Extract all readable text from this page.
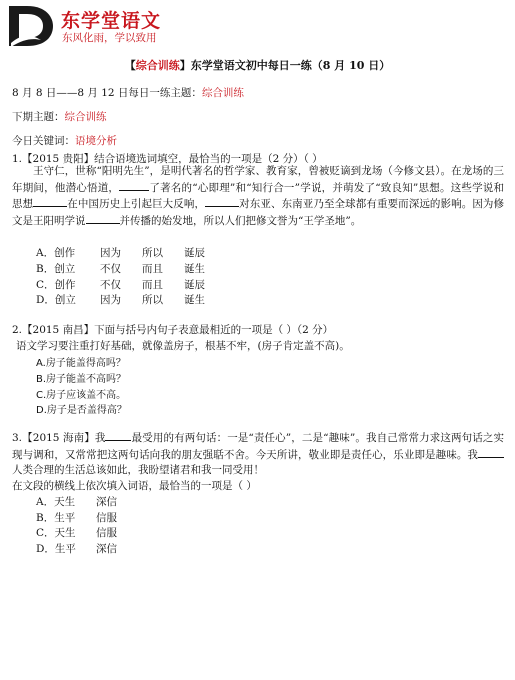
东学堂语文
东风化雨，学以致用
【综合训练】东学堂语文初中每日一练（8 月 10 日）
8 月 8 日——8 月 12 日每日一练主题：综合训练
下期主题：综合训练
今日关键词：语境分析
1.【2015 贵阳】结合语境选词填空，最恰当的一项是（2 分）（ ）
王守仁，世称“阳明先生”，是明代著名的哲学家、教育家，曾被贬谪到龙场（今修文县）。在龙场的三年期间，他潜心悟道，	了著名的“心即理”和“知行合一”学说，并萌发了“致良知”思想。这些学说和思想	在中国历史上引起巨大反响，	对东亚、东南亚乃至全球都有重要而深远的影响。因为修文是王阳明学说	并传播的始发地，所以人们把修文誉为“王学圣地”。
A．创作 因为 所以 诞辰
B．创立 不仅 而且 诞生
C．创作 不仅 而且 诞辰
D．创立 因为 所以 诞生
2.【2015 南昌】下面与括号内句子表意最相近的一项是（ ）（2 分）
语文学习要注重打好基础，就像盖房子，根基不牢，(房子肯定盖不高)。
A.房子能盖得高吗？
B.房子能盖不高吗？
C.房子应该盖不高。
D.房子是否盖得高？
3.【2015 海南】我 最受用的有两句话：一是“责任心”，二是“趣味”。我自己常常力求这两句话之实现与调和，又常常把这两句话向我的朋友强聒不舍。今天所讲，敬业即是责任心，乐业即是趣味。我人类合理的生活总该如此，我盼望诸君和我一同受用！
在文段的横线上依次填入词语，最恰当的一项是（ ）
A．天生 深信
B．生平 信服
C．天生 信服
D．生平 深信
